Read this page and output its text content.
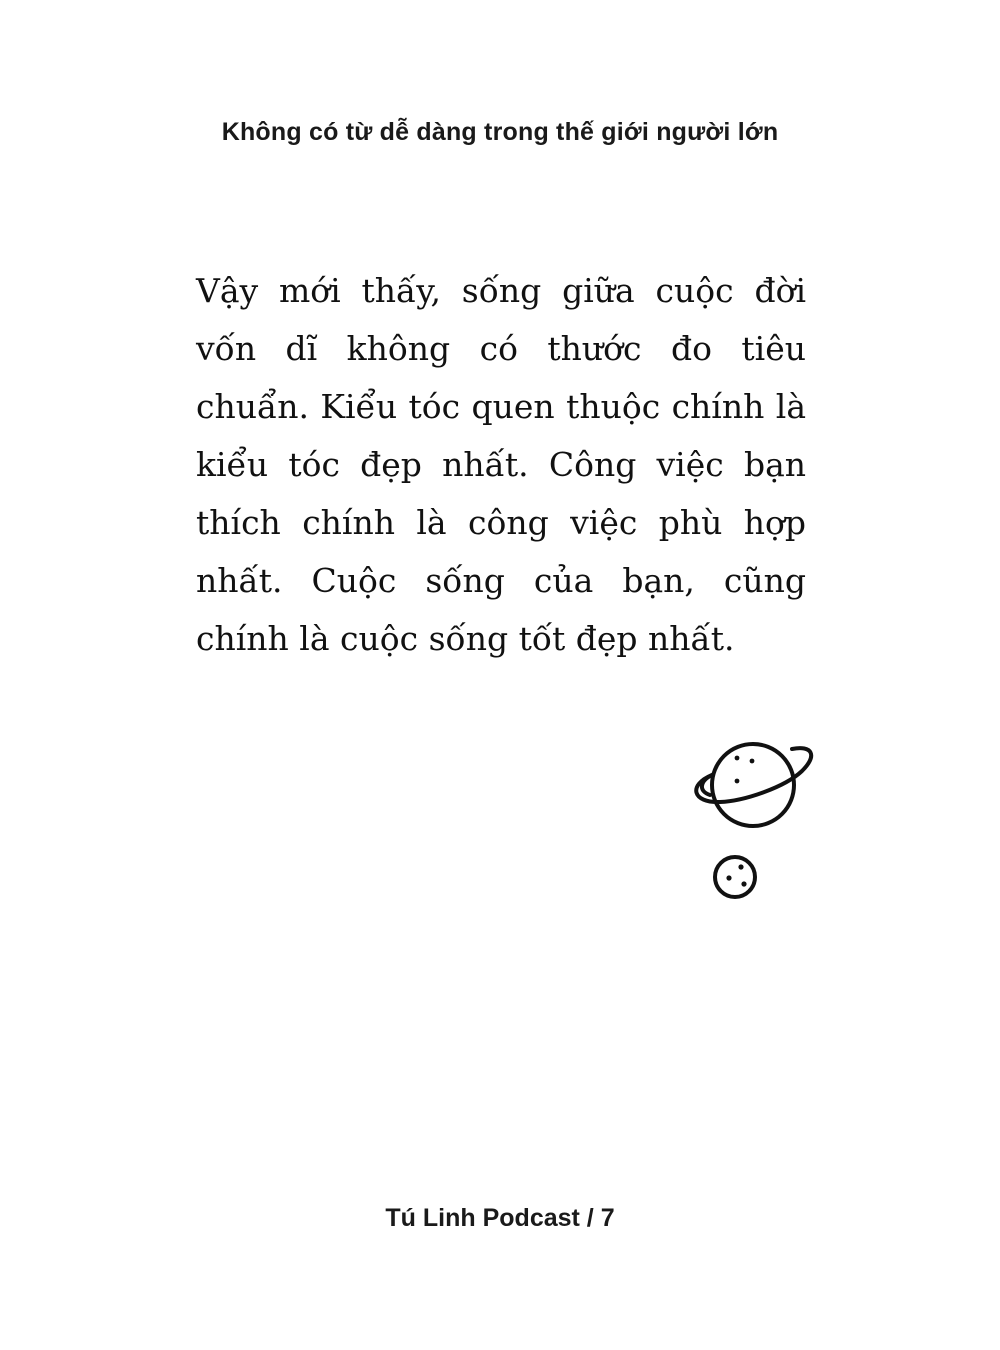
Không có từ dễ dàng trong thế giới người lớn

Vậy mới thấy, sống giữa cuộc đời vốn dĩ không có thước đo tiêu chuẩn. Kiểu tóc quen thuộc chính là kiểu tóc đẹp nhất. Công việc bạn thích chính là công việc phù hợp nhất. Cuộc sống của bạn, cũng chính là cuộc sống tốt đẹp nhất.

Tú Linh Podcast / 7
